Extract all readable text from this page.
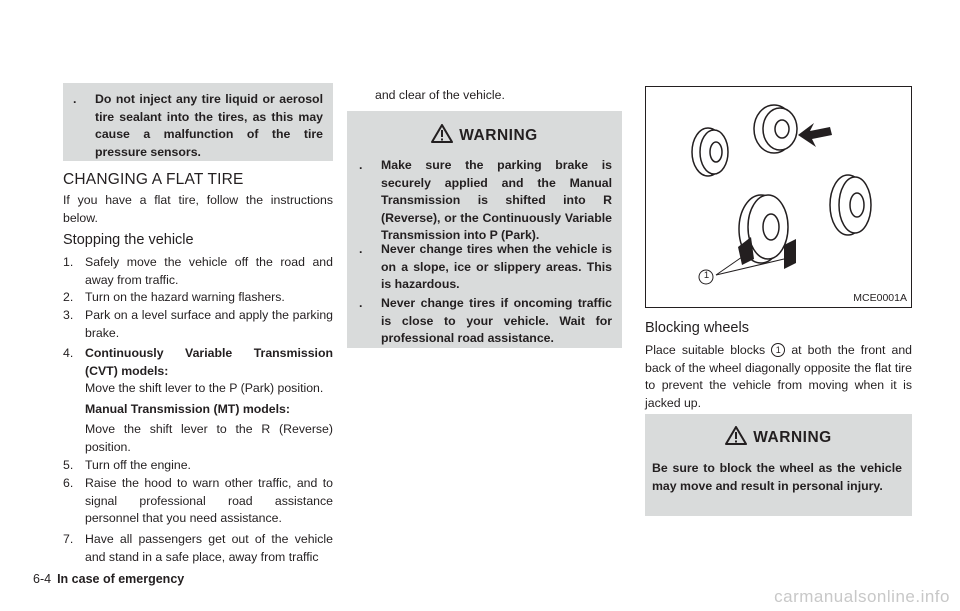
. Do not inject any tire liquid or aerosol tire sealant into the tires, as this may cause a malfunction of the tire pressure sensors.
CHANGING A FLAT TIRE

If you have a flat tire, follow the instructions below.

Stopping the vehicle
1. Safely move the vehicle off the road and away from traffic.
2. Turn on the hazard warning flashers.
3. Park on a level surface and apply the parking brake.
4. Continuously Variable Transmission (CVT) models:
Move the shift lever to the P (Park) position.
Manual Transmission (MT) models:
Move the shift lever to the R (Reverse) position.
5. Turn off the engine.
6. Raise the hood to warn other traffic, and to signal professional road assistance personnel that you need assistance.
7. Have all passengers get out of the vehicle and stand in a safe place, away from traffic

and clear of the vehicle.

WARNING
. Make sure the parking brake is securely applied and the Manual Transmission is shifted into R (Reverse), or the Continuously Variable Transmission into P (Park).
. Never change tires when the vehicle is on a slope, ice or slippery areas. This is hazardous.
. Never change tires if oncoming traffic is close to your vehicle. Wait for professional road assistance.
1
MCE0001A
Blocking wheels

Place suitable blocks 1 at both the front and back of the wheel diagonally opposite the flat tire to prevent the vehicle from moving when it is jacked up.

WARNING
Be sure to block the wheel as the vehicle may move and result in personal injury.
6-4 In case of emergency
carmanualsonline.info
